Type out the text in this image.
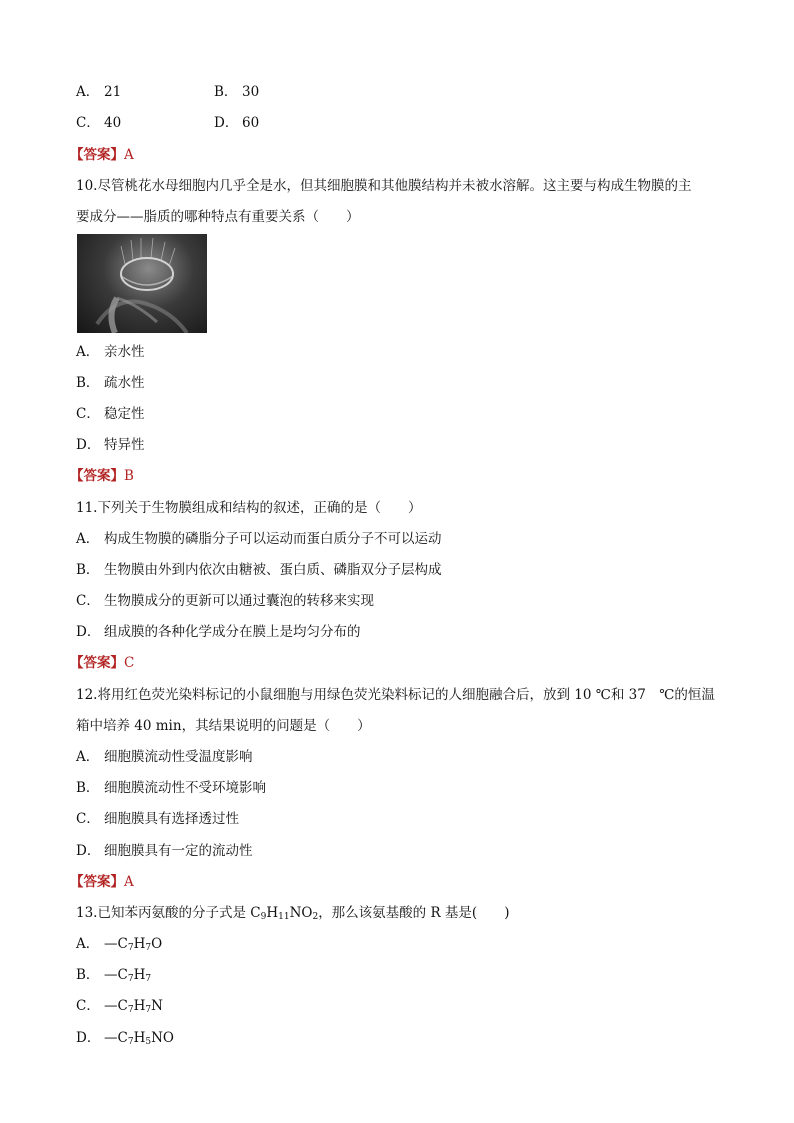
A． 21	B． 30
C． 40	D． 60
【答案】A
10.尽管桃花水母细胞内几乎全是水，但其细胞膜和其他膜结构并未被水溶解。这主要与构成生物膜的主
要成分——脂质的哪种特点有重要关系（　　）
A． 亲水性
B． 疏水性
C． 稳定性
D． 特异性
【答案】B
11.下列关于生物膜组成和结构的叙述，正确的是（　　）
A． 构成生物膜的磷脂分子可以运动而蛋白质分子不可以运动
B． 生物膜由外到内依次由糖被、蛋白质、磷脂双分子层构成
C． 生物膜成分的更新可以通过囊泡的转移来实现
D． 组成膜的各种化学成分在膜上是均匀分布的
【答案】C
12.将用红色荧光染料标记的小鼠细胞与用绿色荧光染料标记的人细胞融合后，放到 10 ℃和 37　℃的恒温
箱中培养 40 min，其结果说明的问题是（　　）
A． 细胞膜流动性受温度影响
B． 细胞膜流动性不受环境影响
C． 细胞膜具有选择透过性
D． 细胞膜具有一定的流动性
【答案】A
13.已知苯丙氨酸的分子式是 $C_9H_{11}NO_2$，那么该氨基酸的 R 基是(　　)
A． $—C_7H_7O$
B． $—C_7H_7$
C． $—C_7H_7N$
D． $—C_7H_5NO$
